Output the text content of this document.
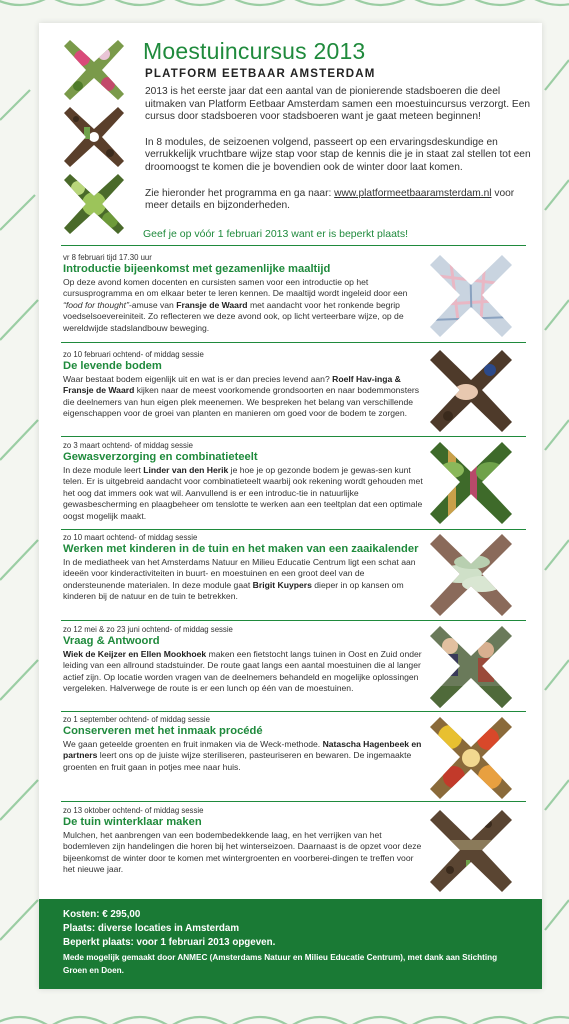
Moestuincursus 2013
PLATFORM EETBAAR AMSTERDAM

2013 is het eerste jaar dat een aantal van de pionierende stadsboeren die deel uitmaken van Platform Eetbaar Amsterdam samen een moestuincursus verzorgt. Een cursus door stadsboeren voor stadsboeren want je gaat meteen beginnen!

In 8 modules, de seizoenen volgend, passeert op een ervaringsdeskundige en verrukkelijk vruchtbare wijze stap voor stap de kennis die je in staat zal stellen tot een droomoogst te komen die je bovendien ook de winter door laat komen.

Zie hieronder het programma en ga naar: www.platformeetbaaramsterdam.nl voor meer details en bijzonderheden.

Geef je op vóór 1 februari 2013 want er is beperkt plaats!
vr 8 februari tijd 17.30 uur
Introductie bijeenkomst met gezamenlijke maaltijd
Op deze avond komen docenten en cursisten samen voor een introductie op het cursusprogramma en om elkaar beter te leren kennen. De maaltijd wordt ingeleid door een “food for thought”-amuse van Fransje de Waard met aandacht voor het ronkende begrip voedselsoevereiniteit. Zo reflecteren we deze avond ook, op licht verteerbare wijze, op de wereldwijde stadslandbouw beweging.
zo 10 februari ochtend- of middag sessie
De levende bodem
Waar bestaat bodem eigenlijk uit en wat is er dan precies levend aan? Roelf Hav-inga & Fransje de Waard kijken naar de meest voorkomende grondsoorten en naar bodemmonsters die deelnemers van hun eigen plek meenemen. We bespreken het belang van verschillende eigenschappen voor de groei van planten en manieren om goed voor de bodem te zorgen.
zo 3 maart ochtend- of middag sessie
Gewasverzorging en combinatieteelt
In deze module leert Linder van den Herik je hoe je op gezonde bodem je gewas-sen kunt telen. Er is uitgebreid aandacht voor combinatieteelt waarbij ook rekening wordt gehouden met het oog dat immers ook wat wil. Aanvullend is er een introduc-tie in natuurlijke gewasbescherming en plaagbeheer om tenslotte te werken aan een teeltplan dat een optimale oogst mogelijk maakt.
zo 10 maart ochtend- of middag sessie
Werken met kinderen in de tuin en het maken van een zaaikalender
In de mediatheek van het Amsterdams Natuur en Milieu Educatie Centrum ligt een schat aan ideeën voor kinderactiviteiten in buurt- en moestuinen en een groot deel van de ondersteunende materialen. In deze module gaat Brigit Kuypers dieper in op kansen om kinderen bij de natuur en de tuin te betrekken.
zo 12 mei & zo 23 juni ochtend- of middag sessie
Vraag & Antwoord
Wiek de Keijzer en Ellen Mookhoek maken een fietstocht langs tuinen in Oost en Zuid onder leiding van een allround stadstuinder. De route gaat langs een aantal moestuinen die al langer actief zijn. Op locatie worden vragen van de deelnemers behandeld en mogelijke oplossingen vergeleken. Halverwege de route is er een lunch op één van de moestuinen.
zo 1 september ochtend- of middag sessie
Conserveren met het inmaak procédé
We gaan geteelde groenten en fruit inmaken via de Weck-methode. Natascha Hagenbeek en partners leert ons op de juiste wijze steriliseren, pasteuriseren en bewaren. De ingemaakte groenten en fruit gaan in potjes mee naar huis.
zo 13 oktober ochtend- of middag sessie
De tuin winterklaar maken
Mulchen, het aanbrengen van een bodembedekkende laag, en het verrijken van het bodemleven zijn handelingen die horen bij het winterseizoen. Daarnaast is de opzet voor deze bijeenkomst de winter door te komen met wintergroenten en voorberei-dingen te treffen voor het nieuwe jaar.
Kosten: € 295,00
Plaats: diverse locaties in Amsterdam
Beperkt plaats: voor 1 februari 2013 opgeven.
Mede mogelijk gemaakt door ANMEC (Amsterdams Natuur en Milieu Educatie Centrum), met dank aan Stichting Groen en Doen.
